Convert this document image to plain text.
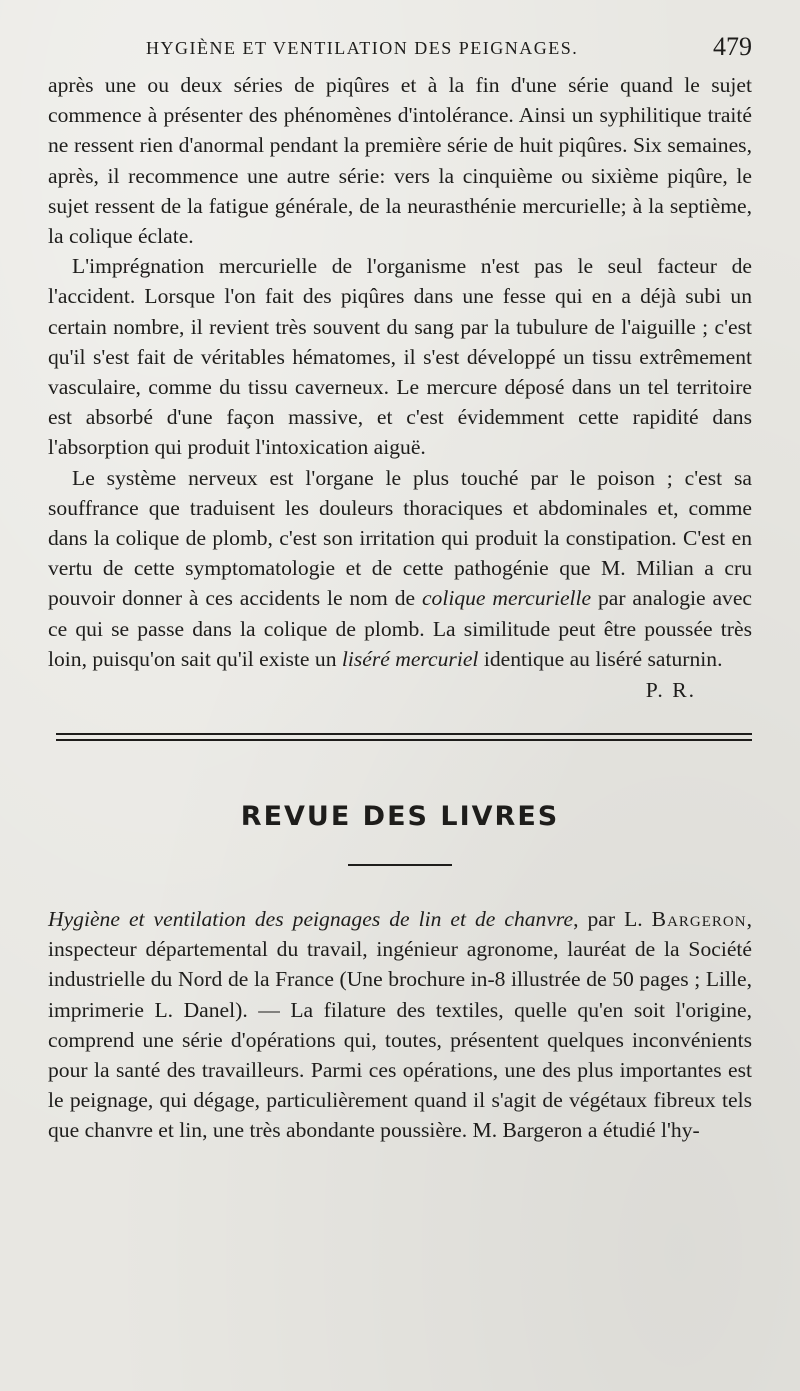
HYGIÈNE ET VENTILATION DES PEIGNAGES.	479

après une ou deux séries de piqûres et à la fin d'une série quand le sujet commence à présenter des phénomènes d'intolérance. Ainsi un syphilitique traité ne ressent rien d'anormal pendant la première série de huit piqûres. Six semaines, après, il recommence une autre série: vers la cinquième ou sixième piqûre, le sujet ressent de la fatigue générale, de la neurasthénie mercurielle; à la septième, la colique éclate.

L'imprégnation mercurielle de l'organisme n'est pas le seul facteur de l'accident. Lorsque l'on fait des piqûres dans une fesse qui en a déjà subi un certain nombre, il revient très souvent du sang par la tubulure de l'aiguille ; c'est qu'il s'est fait de véritables hématomes, il s'est développé un tissu extrêmement vasculaire, comme du tissu caverneux. Le mercure déposé dans un tel territoire est absorbé d'une façon massive, et c'est évidemment cette rapidité dans l'absorption qui produit l'intoxication aiguë.

Le système nerveux est l'organe le plus touché par le poison ; c'est sa souffrance que traduisent les douleurs thoraciques et abdominales et, comme dans la colique de plomb, c'est son irritation qui produit la constipation. C'est en vertu de cette symptomatologie et de cette pathogénie que M. Milian a cru pouvoir donner à ces accidents le nom de colique mercurielle par analogie avec ce qui se passe dans la colique de plomb. La similitude peut être poussée très loin, puisqu'on sait qu'il existe un liséré mercuriel identique au liséré saturnin.

P. R.
REVUE DES LIVRES
Hygiène et ventilation des peignages de lin et de chanvre, par L. Bargeron, inspecteur départemental du travail, ingénieur agronome, lauréat de la Société industrielle du Nord de la France (Une brochure in-8 illustrée de 50 pages ; Lille, imprimerie L. Danel). — La filature des textiles, quelle qu'en soit l'origine, comprend une série d'opérations qui, toutes, présentent quelques inconvénients pour la santé des travailleurs. Parmi ces opérations, une des plus importantes est le peignage, qui dégage, particulièrement quand il s'agit de végétaux fibreux tels que chanvre et lin, une très abondante poussière. M. Bargeron a étudié l'hy-
